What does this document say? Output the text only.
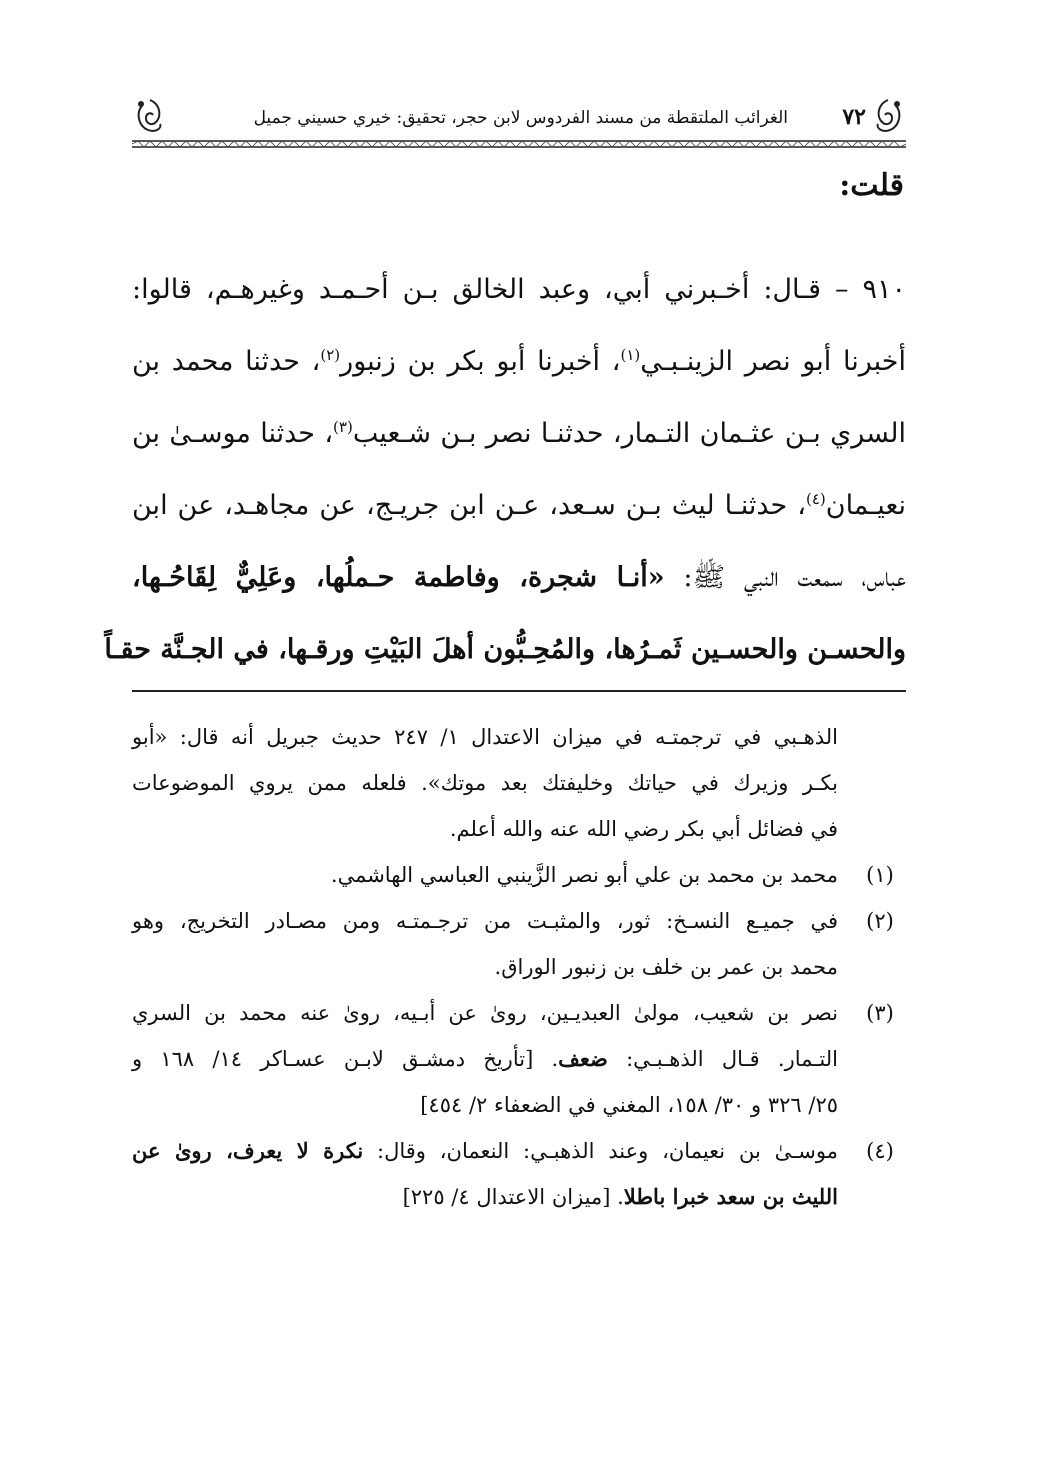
٧٢
الغرائب الملتقطة من مسند الفردوس لابن حجر، تحقيق: خيري حسيني جميل
قلت:
٩١٠ – قـال: أخـبرني أبي، وعبد الخالق بـن أحـمـد وغيرهـم، قالوا:
أخبرنا أبو نصر الزينـبـي$^{(١)}$، أخبرنا أبو بكر بن زنبور$^{(٢)}$، حدثنا محمد بن
السري بـن عثـمان التـمار، حدثنـا نصر بـن شـعيب$^{(٣)}$، حدثنا موسـىٰ بن
نعيـمان$^{(٤)}$، حدثنـا ليث بـن سـعد، عـن ابن جريـج، عن مجاهـد، عن ابن
عباس، سمعت النبي ﷺ: «أنـا شجرة، وفاطمة حـملُها، وعَلِيٌّ لِقَاحُـها،
والحسـن والحسـين ثَمـرُها، والمُحِـبُّون أهلَ البَيْتِ ورقـها، في الجـنَّة حقـاً
الذهـبي في ترجمتـه في ميزان الاعتدال ١/ ٢٤٧ حديث جبريل أنه قال: «أبو
بكـر وزيرك في حياتك وخليفتك بعد موتك». فلعله ممن يروي الموضوعات
في فضائل أبي بكر رضي الله عنه والله أعلم.
(١)
محمد بن محمد بن علي أبو نصر الزَّينبي العباسي الهاشمي.
(٢)
في جميـع النسـخ: ثور، والمثبـت من ترجـمتـه ومن مصـادر التخريج، وهو
محمد بن عمر بن خلف بن زنبور الوراق.
(٣)
نصر بن شعيب، مولىٰ العبديـين، روىٰ عن أبـيه، روىٰ عنه محمد بن السري
التـمار. قـال الذهـبـي: ضعف. [تأريخ دمشـق لابـن عسـاكر ١٤/ ١٦٨ و
٢٥/ ٣٢٦ و ٣٠/ ١٥٨، المغني في الضعفاء ٢/ ٤٥٤]
(٤)
موسـىٰ بن نعيمان، وعند الذهبـي: النعمان، وقال: نكرة لا يعرف، روىٰ عن
الليث بن سعد خبرا باطلا. [ميزان الاعتدال ٤/ ٢٢٥]
